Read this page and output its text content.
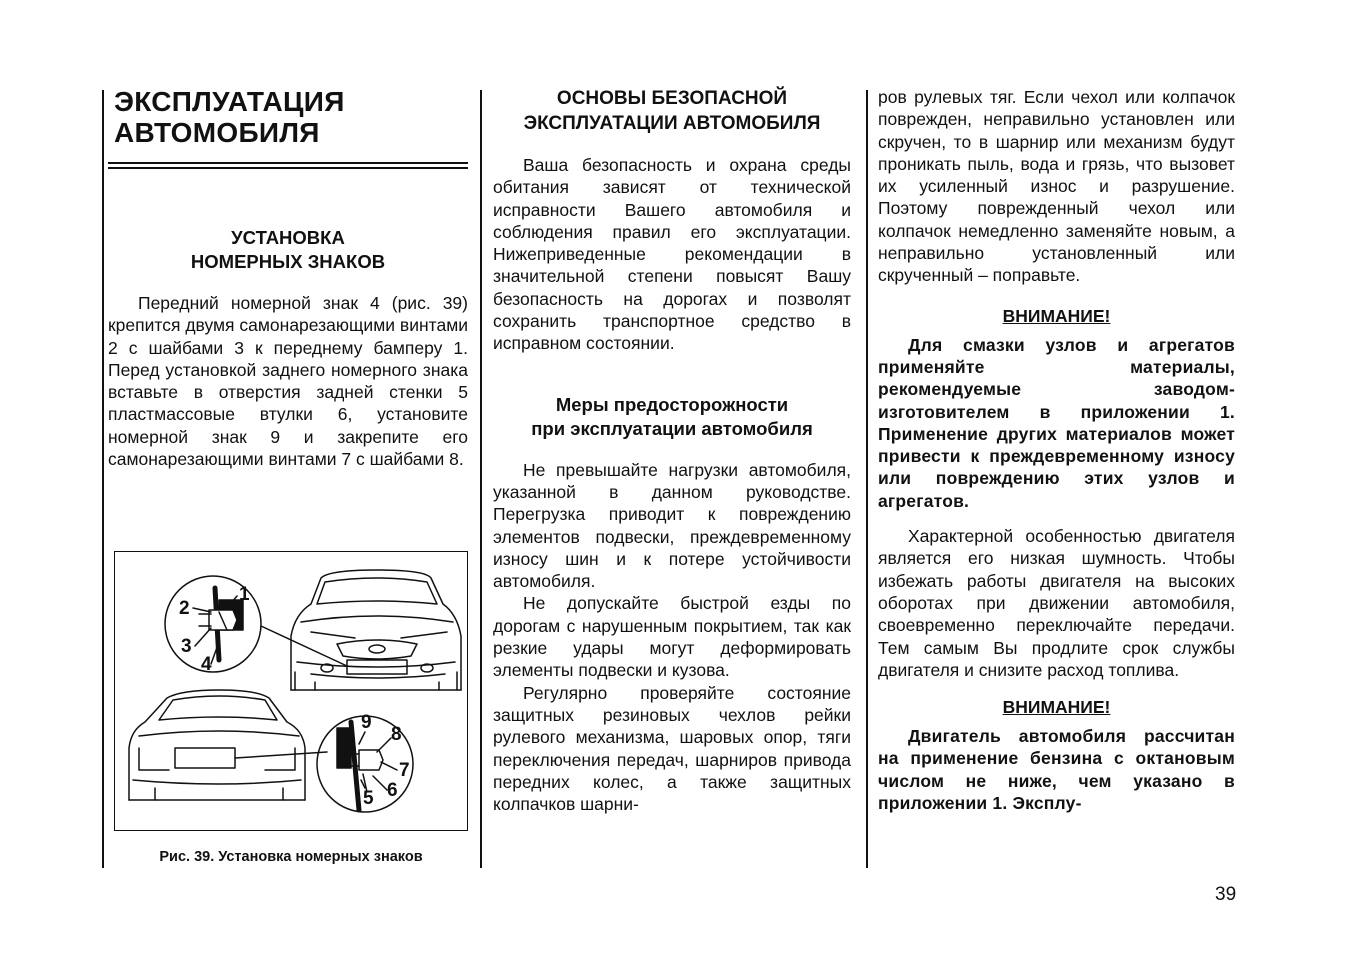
ЭКСПЛУАТАЦИЯ
АВТОМОБИЛЯ
УСТАНОВКА
НОМЕРНЫХ ЗНАКОВ

Передний номерной знак 4 (рис. 39) крепится двумя самонарезающими винтами 2 с шайбами 3 к переднему бамперу 1. Перед установкой заднего номерного знака вставьте в отверстия задней стенки 5 пластмассовые втулки 6, установите номерной знак 9 и закрепите его самонарезающими винтами 7 с шайбами 8.

1
2
3
4
9
8
7
6
5
Рис. 39. Установка номерных знаков
ОСНОВЫ БЕЗОПАСНОЙ
ЭКСПЛУАТАЦИИ АВТОМОБИЛЯ

Ваша безопасность и охрана среды обитания зависят от технической исправности Вашего автомобиля и соблюдения правил его эксплуатации. Нижеприведенные рекомендации в значительной степени повысят Вашу безопасность на дорогах и позволят сохранить транспортное средство в исправном состоянии.

Меры предосторожности
при эксплуатации автомобиля

Не превышайте нагрузки автомобиля, указанной в данном руководстве. Перегрузка приводит к повреждению элементов подвески, преждевременному износу шин и к потере устойчивости автомобиля.

Не допускайте быстрой езды по дорогам с нарушенным покрытием, так как резкие удары могут деформировать элементы подвески и кузова.

Регулярно проверяйте состояние защитных резиновых чехлов рейки рулевого механизма, шаровых опор, тяги переключения передач, шарниров привода передних колес, а также защитных колпачков шарни-

ров рулевых тяг. Если чехол или колпачок поврежден, неправильно установлен или скручен, то в шарнир или механизм будут проникать пыль, вода и грязь, что вызовет их усиленный износ и разрушение. Поэтому поврежденный чехол или колпачок немедленно заменяйте новым, а неправильно установленный или скрученный – поправьте.

ВНИМАНИЕ!

Для смазки узлов и агрегатов применяйте материалы, рекомендуемые заводом-изготовителем в приложении 1. Применение других материалов может привести к преждевременному износу или повреждению этих узлов и агрегатов.

Характерной особенностью двигателя является его низкая шумность. Чтобы избежать работы двигателя на высоких оборотах при движении автомобиля, своевременно переключайте передачи. Тем самым Вы продлите срок службы двигателя и снизите расход топлива.

ВНИМАНИЕ!

Двигатель автомобиля рассчитан на применение бензина с октановым числом не ниже, чем указано в приложении 1. Эксплу-

39
